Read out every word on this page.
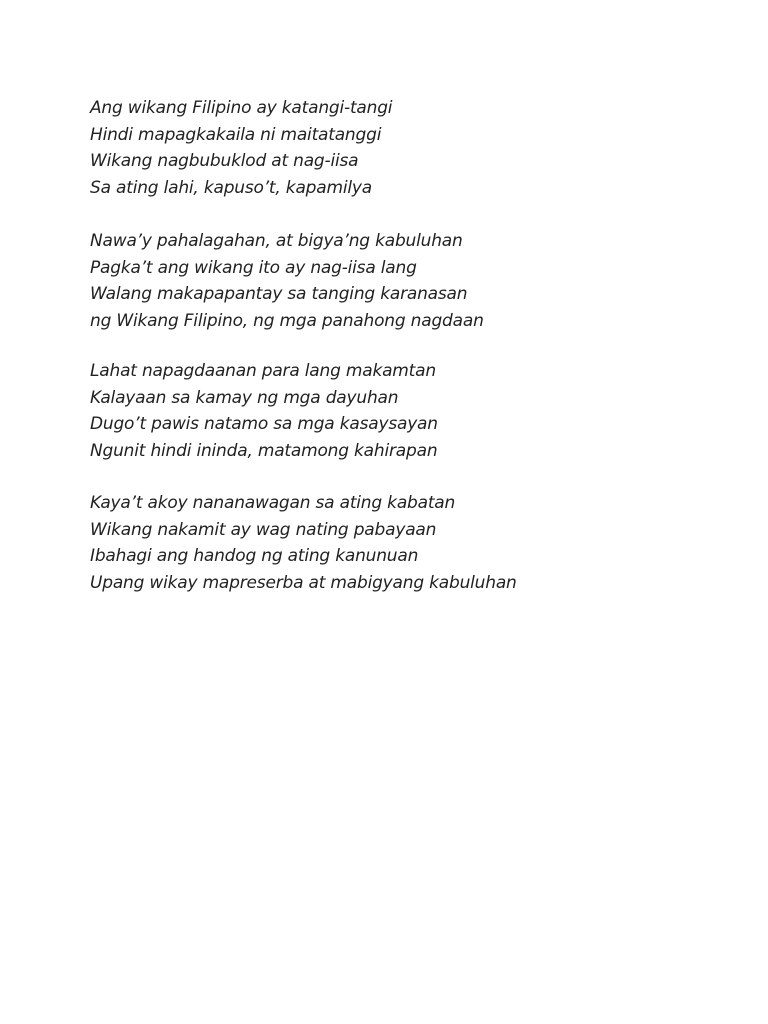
Ang wikang Filipino ay katangi-tangi
Hindi mapagkakaila ni maitatanggi
Wikang nagbubuklod at nag-iisa
Sa ating lahi, kapuso’t, kapamilya
Nawa’y pahalagahan, at bigya’ng kabuluhan
Pagka’t ang wikang ito ay nag-iisa lang
Walang makapapantay sa tanging karanasan
ng Wikang Filipino, ng mga panahong nagdaan
Lahat napagdaanan para lang makamtan
Kalayaan sa kamay ng mga dayuhan
Dugo’t pawis natamo sa mga kasaysayan
Ngunit hindi ininda, matamong kahirapan
Kaya’t akoy nananawagan sa ating kabatan
Wikang nakamit ay wag nating pabayaan
Ibahagi ang handog ng ating kanunuan
Upang wikay mapreserba at mabigyang kabuluhan
